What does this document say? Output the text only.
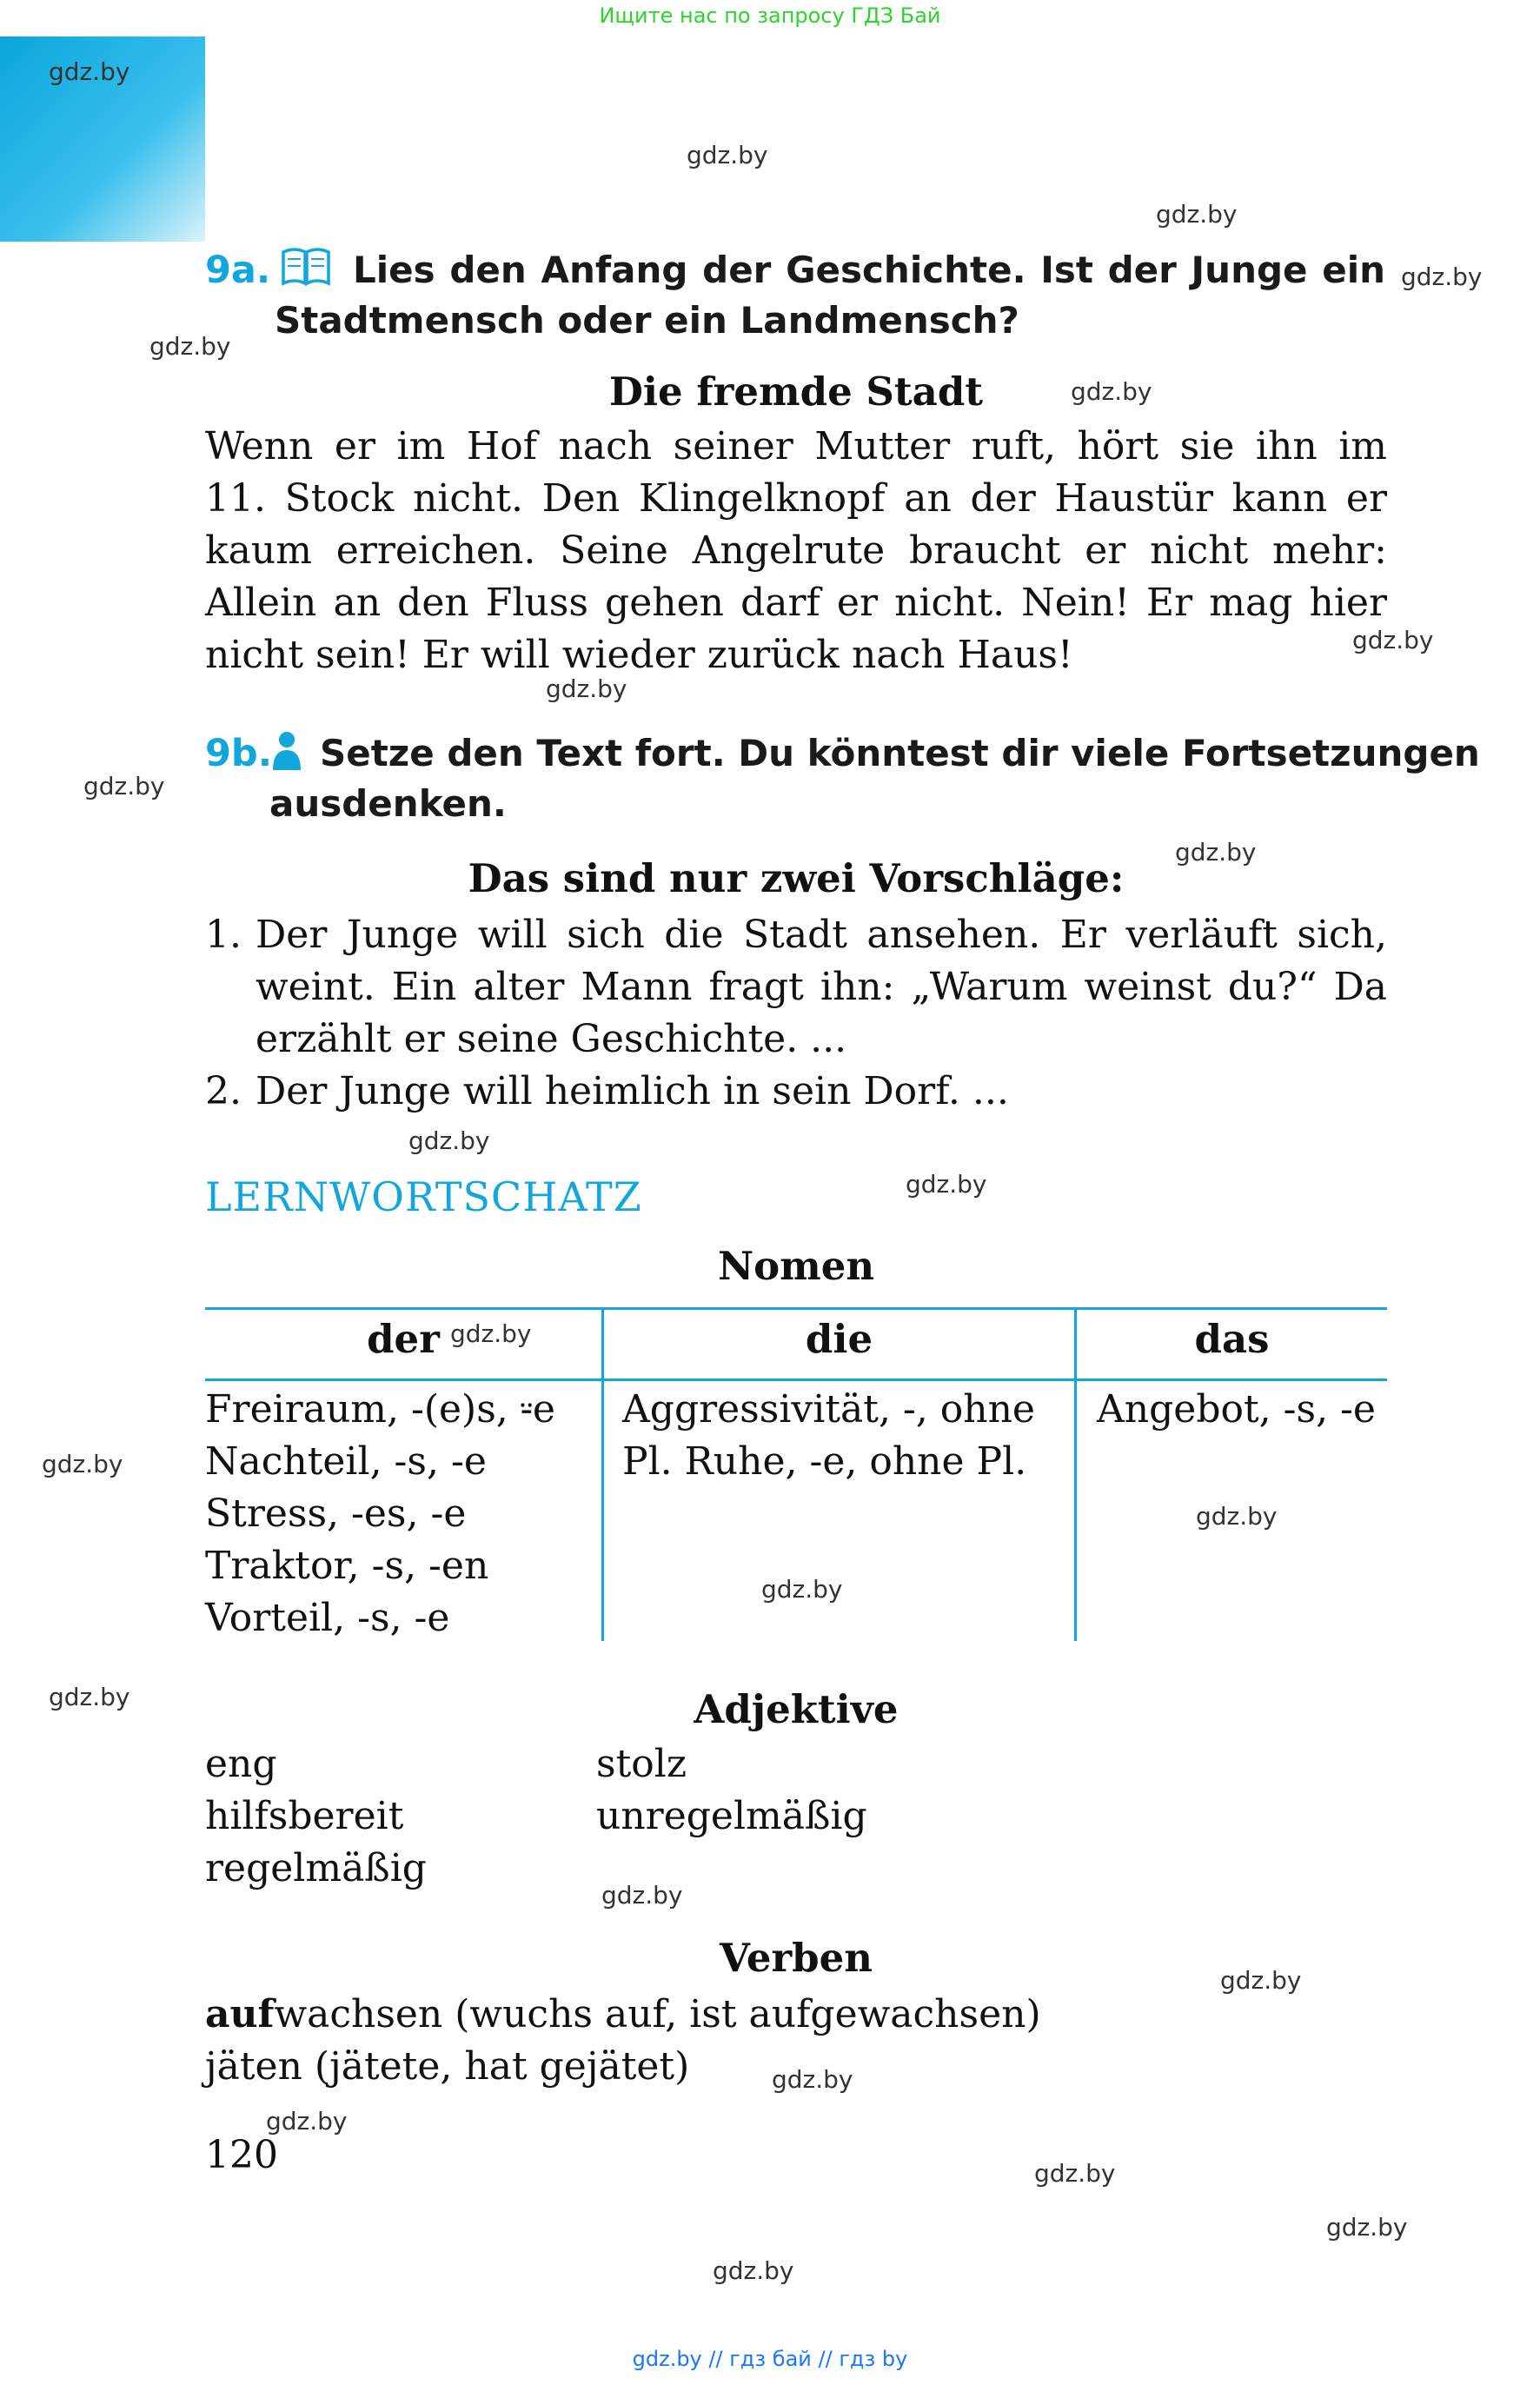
Ищите нас по запросу ГДЗ Бай
gdz.by
gdz.by
gdz.by
gdz.by
gdz.by
gdz.by
gdz.by
gdz.by
gdz.by
gdz.by
gdz.by
gdz.by
gdz.by
gdz.by
gdz.by
gdz.by
gdz.by
gdz.by
gdz.by
gdz.by
gdz.by
gdz.by
gdz.by
gdz.by
9a. Lies den Anfang der Geschichte. Ist der Junge ein
Stadtmensch oder ein Landmensch?
Die fremde Stadt
Wenn er im Hof nach seiner Mutter ruft, hört sie ihn im
11. Stock nicht. Den Klingelknopf an der Haustür kann er
kaum erreichen. Seine Angelrute braucht er nicht mehr:
Allein an den Fluss gehen darf er nicht. Nein! Er mag hier
nicht sein! Er will wieder zurück nach Haus!
9b. Setze den Text fort. Du könntest dir viele Fortsetzungen
ausdenken.
Das sind nur zwei Vorschläge:
1. Der Junge will sich die Stadt ansehen. Er verläuft sich,
weint. Ein alter Mann fragt ihn: „Warum weinst du?“ Da
erzählt er seine Geschichte. ...
2. Der Junge will heimlich in sein Dorf. ...
LERNWORTSCHATZ
Nomen
der	die	das
Freiraum, -(e)s, ⸚e
Nachteil, -s, -e
Stress, -es, -e
Traktor, -s, -en
Vorteil, -s, -e
Aggressivität, -, ohne
Pl. Ruhe, -e, ohne Pl.
Angebot, -s, -e
Adjektive
eng
hilfsbereit
regelmäßig
stolz
unregelmäßig
Verben
aufwachsen (wuchs auf, ist aufgewachsen)
jäten (jätete, hat gejätet)
120
gdz.by // гдз бай // гдз by
